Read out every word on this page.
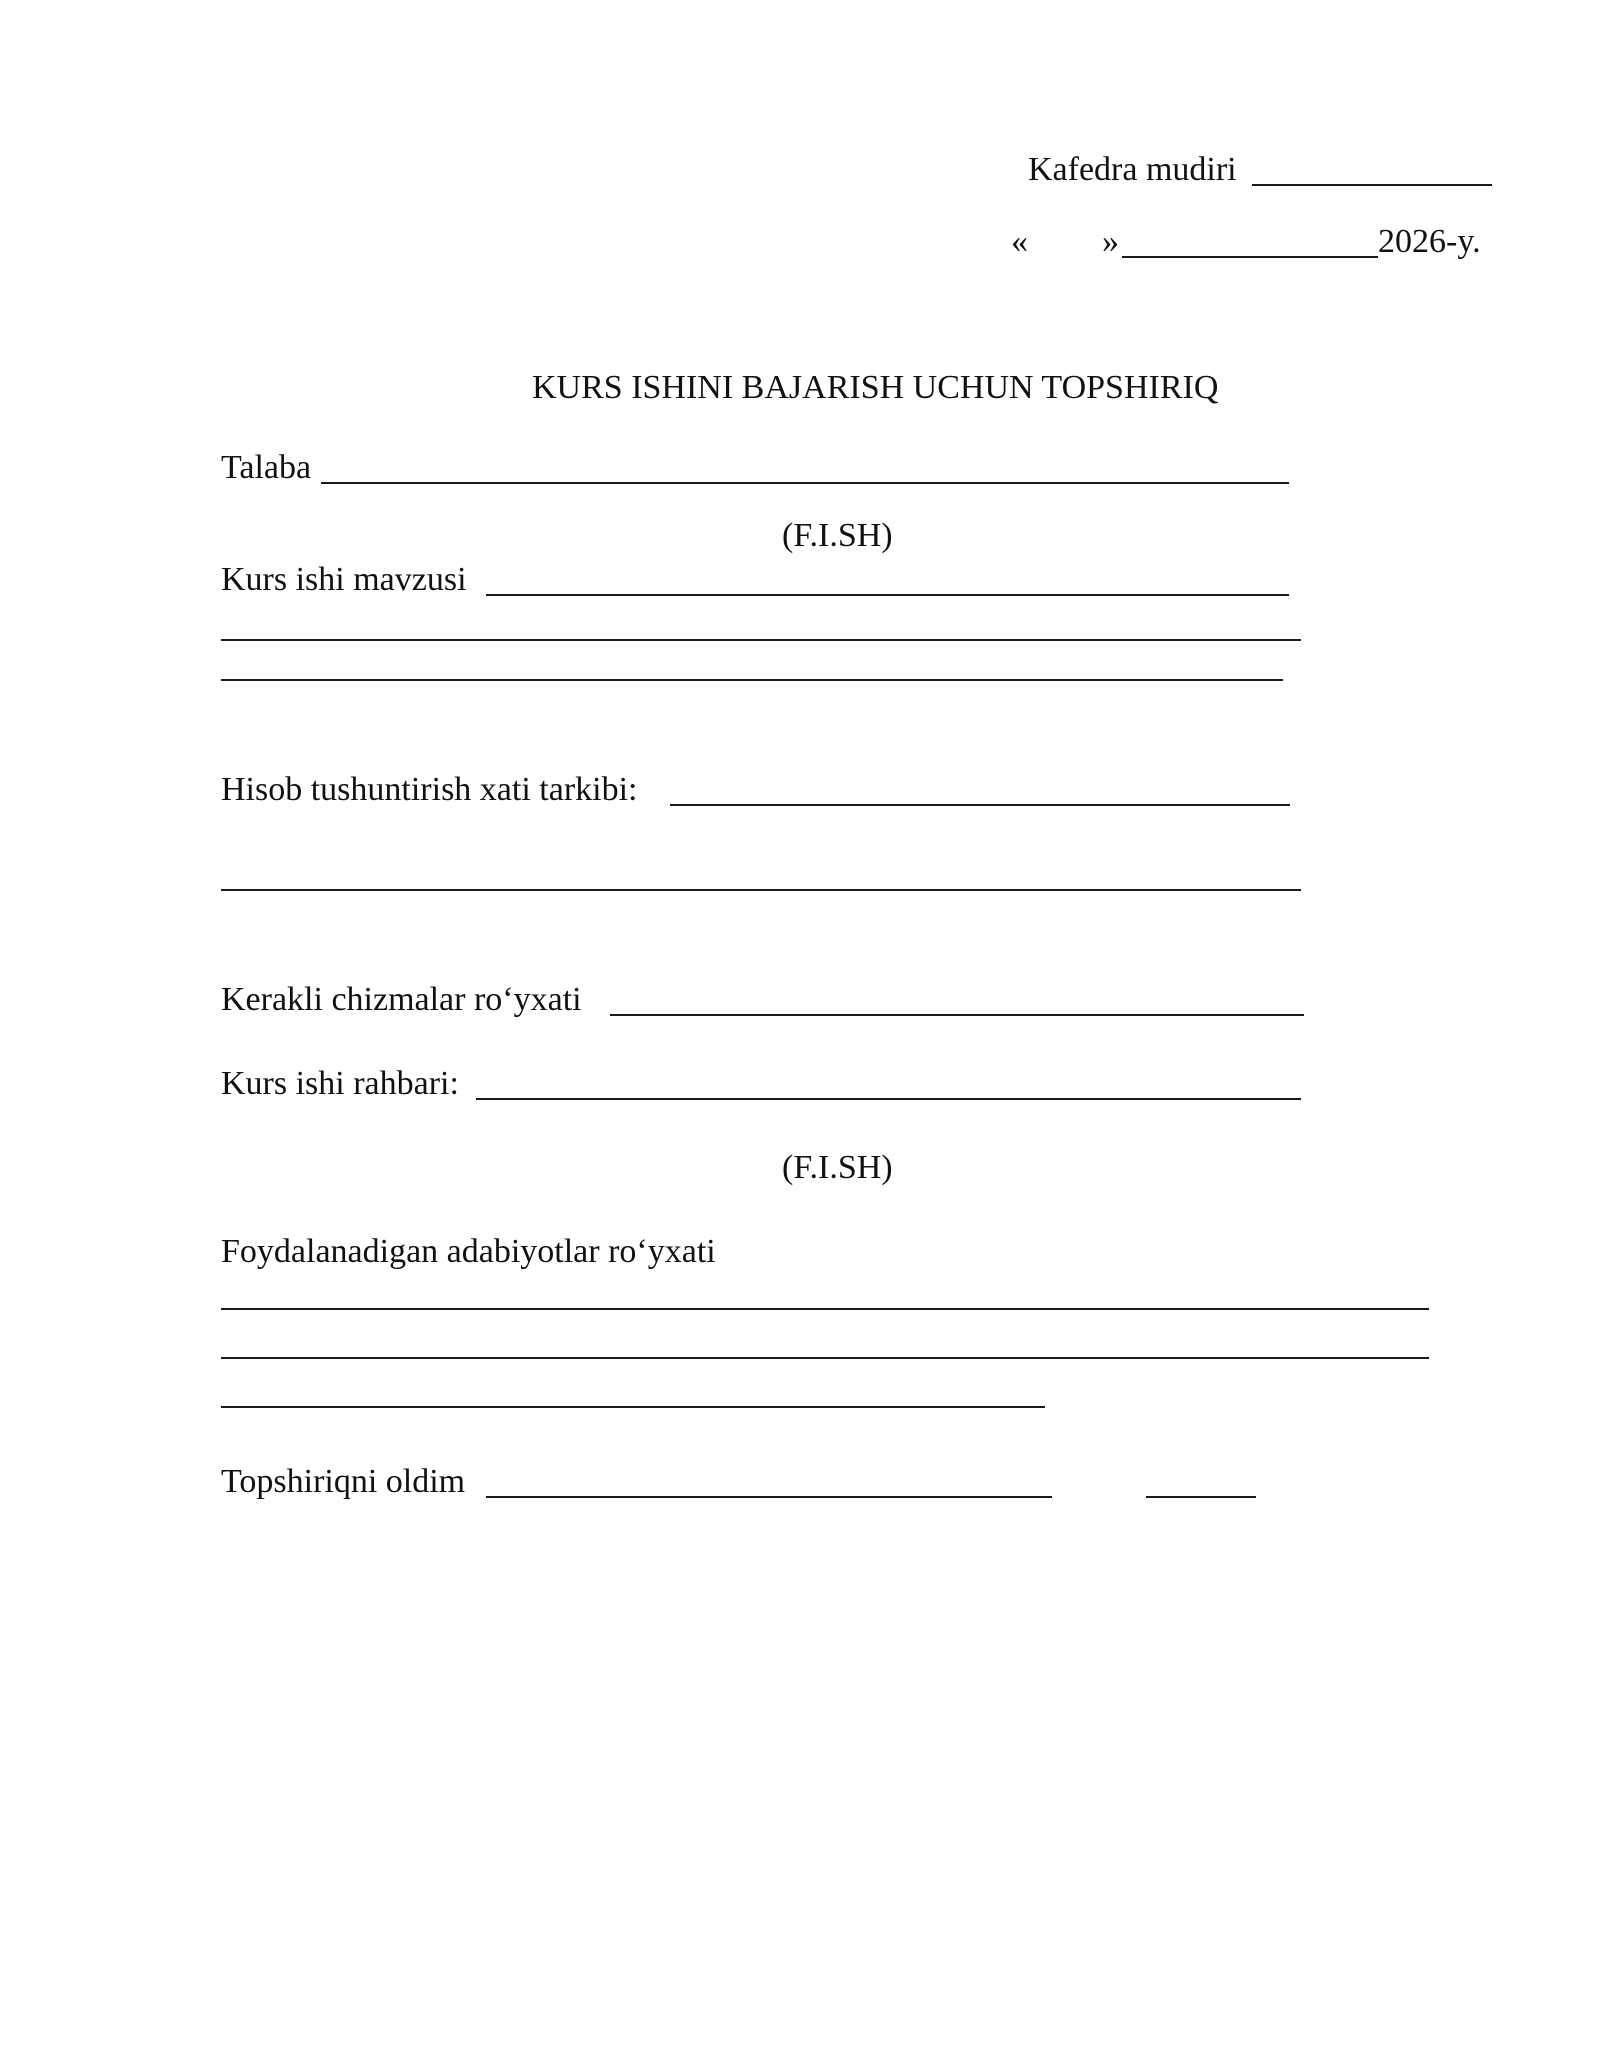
Kafedra mudiri

« »	2026-y.

KURS ISHINI BAJARISH UCHUN TOPSHIRIQ

Talaba

(F.I.SH)

Kurs ishi mavzusi

Hisob tushuntirish xati tarkibi:

Kerakli chizmalar ro‘yxati

Kurs ishi rahbari:

(F.I.SH)

Foydalanadigan adabiyotlar ro‘yxati

Topshiriqni oldim
